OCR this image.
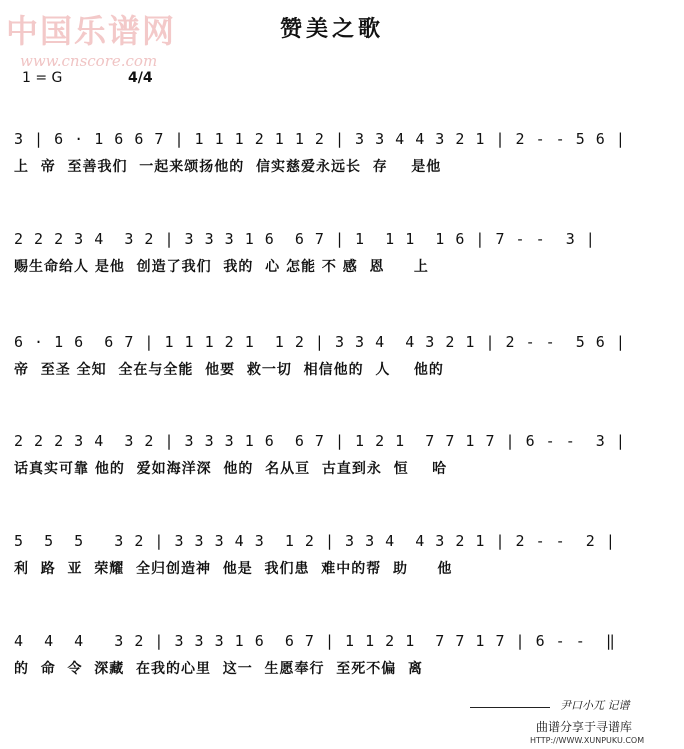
中国乐谱网
www.cnscore.com
赞美之歌
1 = G	4/4
3 | 6 · 1 6 6 7 | 1 1 1 2 1 1 2 | 3 3 4 4 3 2 1 | 2 - - 5 6 |
上  帝  至善我们  一起来颂扬他的  信实慈爱永远长  存    是他
2 2 2 3 4  3 2 | 3 3 3 1 6  6 7 | 1  1 1  1 6 | 7 - -  3 |
赐生命给人 是他  创造了我们  我的  心 怎能 不 感  恩     上
6 · 1 6  6 7 | 1 1 1 2 1  1 2 | 3 3 4  4 3 2 1 | 2 - -  5 6 |
帝  至圣 全知  全在与全能  他要  救一切  相信他的  人    他的
2 2 2 3 4  3 2 | 3 3 3 1 6  6 7 | 1 2 1  7 7 1 7 | 6 - -  3 |
话真实可靠 他的  爱如海洋深  他的  名从亘  古直到永  恒    哈
5  5  5   3 2 | 3 3 3 4 3  1 2 | 3 3 4  4 3 2 1 | 2 - -  2 |
利  路  亚  荣耀  全归创造神  他是  我们患  难中的帮  助     他
4  4  4   3 2 | 3 3 3 1 6  6 7 | 1 1 2 1  7 7 1 7 | 6 - -  ‖
的  命  令  深藏  在我的心里  这一  生愿奉行  至死不偏  离
尹口小兀 记谱
曲谱分享于寻谱库
HTTP://WWW.XUNPUKU.COM
